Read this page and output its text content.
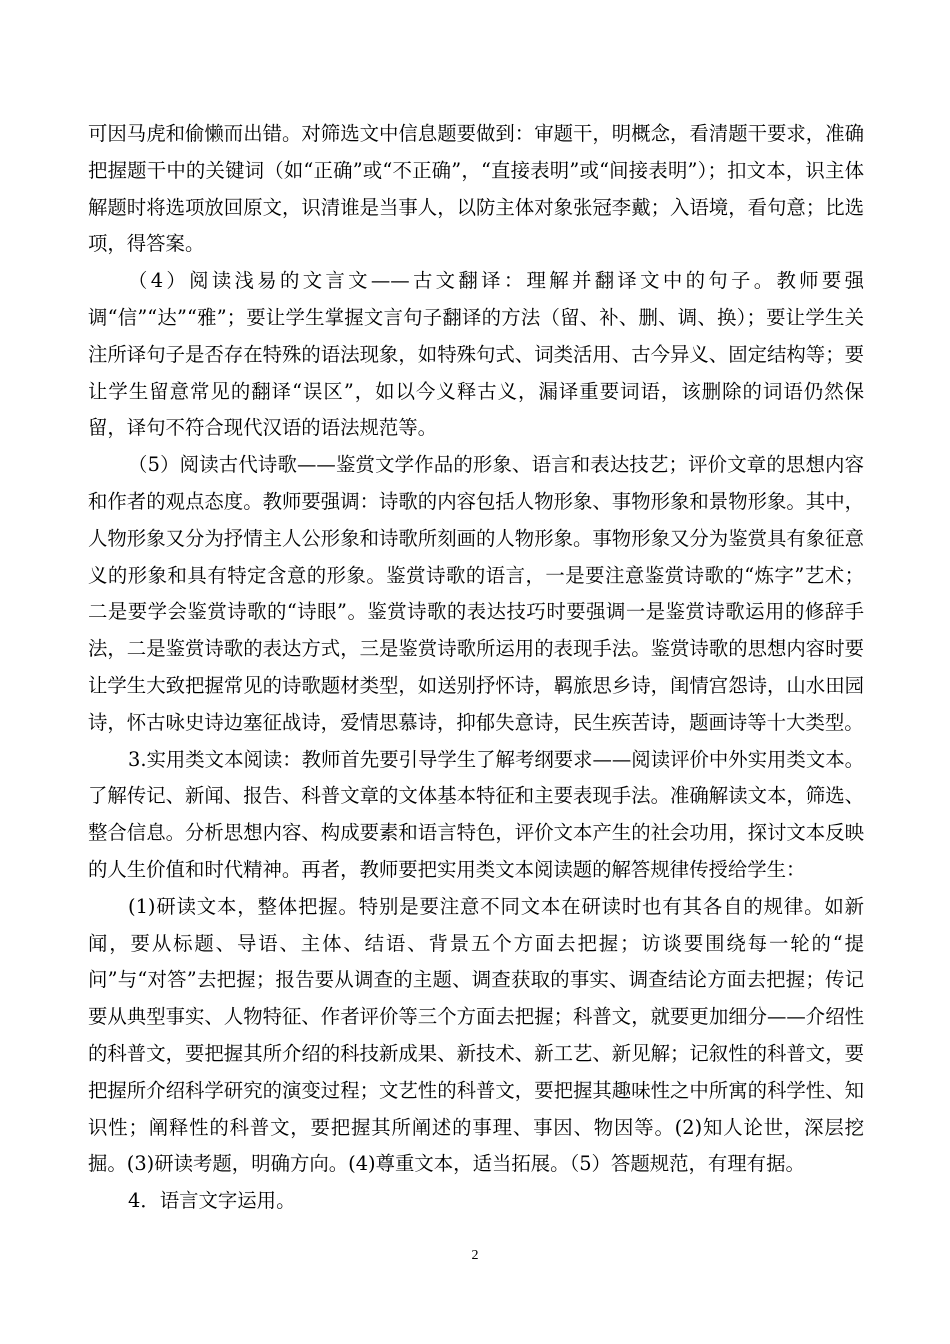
可因马虎和偷懒而出错。对筛选文中信息题要做到：审题干，明概念，看清题干要求，准确把握题干中的关键词（如“正确”或“不正确”，“直接表明”或“间接表明”）；扣文本，识主体解题时将选项放回原文，识清谁是当事人，以防主体对象张冠李戴；入语境，看句意；比选项，得答案。

（4）阅读浅易的文言文——古文翻译：理解并翻译文中的句子。教师要强调“信”“达”“雅”；要让学生掌握文言句子翻译的方法（留、补、删、调、换）；要让学生关注所译句子是否存在特殊的语法现象，如特殊句式、词类活用、古今异义、固定结构等；要让学生留意常见的翻译“误区”，如以今义释古义，漏译重要词语，该删除的词语仍然保留，译句不符合现代汉语的语法规范等。

（5）阅读古代诗歌——鉴赏文学作品的形象、语言和表达技艺；评价文章的思想内容和作者的观点态度。教师要强调：诗歌的内容包括人物形象、事物形象和景物形象。其中，人物形象又分为抒情主人公形象和诗歌所刻画的人物形象。事物形象又分为鉴赏具有象征意义的形象和具有特定含意的形象。鉴赏诗歌的语言，一是要注意鉴赏诗歌的“炼字”艺术；二是要学会鉴赏诗歌的“诗眼”。鉴赏诗歌的表达技巧时要强调一是鉴赏诗歌运用的修辞手法，二是鉴赏诗歌的表达方式，三是鉴赏诗歌所运用的表现手法。鉴赏诗歌的思想内容时要让学生大致把握常见的诗歌题材类型，如送别抒怀诗，羁旅思乡诗，闺情宫怨诗，山水田园诗，怀古咏史诗边塞征战诗，爱情思慕诗，抑郁失意诗，民生疾苦诗，题画诗等十大类型。

3.实用类文本阅读：教师首先要引导学生了解考纲要求——阅读评价中外实用类文本。了解传记、新闻、报告、科普文章的文体基本特征和主要表现手法。准确解读文本，筛选、整合信息。分析思想内容、构成要素和语言特色，评价文本产生的社会功用，探讨文本反映的人生价值和时代精神。再者，教师要把实用类文本阅读题的解答规律传授给学生：

(1)研读文本，整体把握。特别是要注意不同文本在研读时也有其各自的规律。如新闻，要从标题、导语、主体、结语、背景五个方面去把握；访谈要围绕每一轮的“提问”与“对答”去把握；报告要从调查的主题、调查获取的事实、调查结论方面去把握；传记要从典型事实、人物特征、作者评价等三个方面去把握；科普文，就要更加细分——介绍性的科普文，要把握其所介绍的科技新成果、新技术、新工艺、新见解；记叙性的科普文，要把握所介绍科学研究的演变过程；文艺性的科普文，要把握其趣味性之中所寓的科学性、知识性；阐释性的科普文，要把握其所阐述的事理、事因、物因等。(2)知人论世，深层挖掘。(3)研读考题，明确方向。(4)尊重文本，适当拓展。（5）答题规范，有理有据。

4．语言文字运用。

2
